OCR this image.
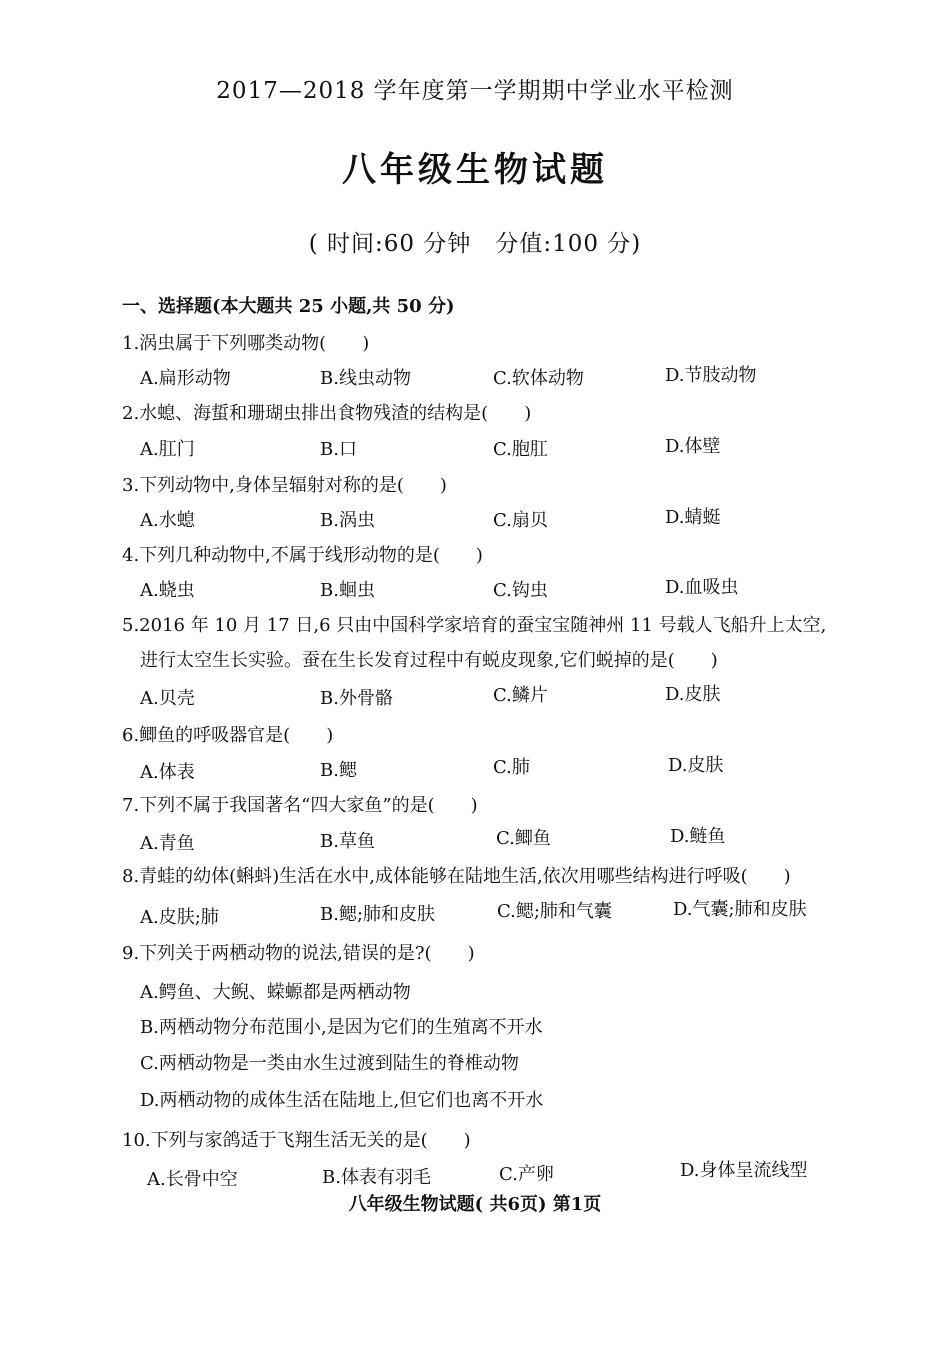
2017—2018 学年度第一学期期中学业水平检测
八年级生物试题
( 时间:60 分钟　分值:100 分)
一、选择题(本大题共 25 小题,共 50 分)
1.涡虫属于下列哪类动物(　　)
A.扁形动物	B.线虫动物	C.软体动物	D.节肢动物
2.水螅、海蜇和珊瑚虫排出食物残渣的结构是(　　)
A.肛门	B.口	C.胞肛	D.体壁
3.下列动物中,身体呈辐射对称的是(　　)
A.水螅	B.涡虫	C.扇贝	D.蜻蜓
4.下列几种动物中,不属于线形动物的是(　　)
A.蛲虫	B.蛔虫	C.钩虫	D.血吸虫
5.2016 年 10 月 17 日,6 只由中国科学家培育的蚕宝宝随神州 11 号载人飞船升上太空,
进行太空生长实验。蚕在生长发育过程中有蜕皮现象,它们蜕掉的是(　　)
A.贝壳	B.外骨骼	C.鳞片	D.皮肤
6.鲫鱼的呼吸器官是(　　)
A.体表	B.鳃	C.肺	D.皮肤
7.下列不属于我国著名“四大家鱼”的是(　　)
A.青鱼	B.草鱼	C.鲫鱼	D.鲢鱼
8.青蛙的幼体(蝌蚪)生活在水中,成体能够在陆地生活,依次用哪些结构进行呼吸(　　)
A.皮肤;肺	B.鳃;肺和皮肤	C.鳃;肺和气囊	D.气囊;肺和皮肤
9.下列关于两栖动物的说法,错误的是?(　　)
A.鳄鱼、大鲵、蝾螈都是两栖动物
B.两栖动物分布范围小,是因为它们的生殖离不开水
C.两栖动物是一类由水生过渡到陆生的脊椎动物
D.两栖动物的成体生活在陆地上,但它们也离不开水
10.下列与家鸽适于飞翔生活无关的是(　　)
A.长骨中空	B.体表有羽毛	C.产卵	D.身体呈流线型
八年级生物试题( 共6页) 第1页
